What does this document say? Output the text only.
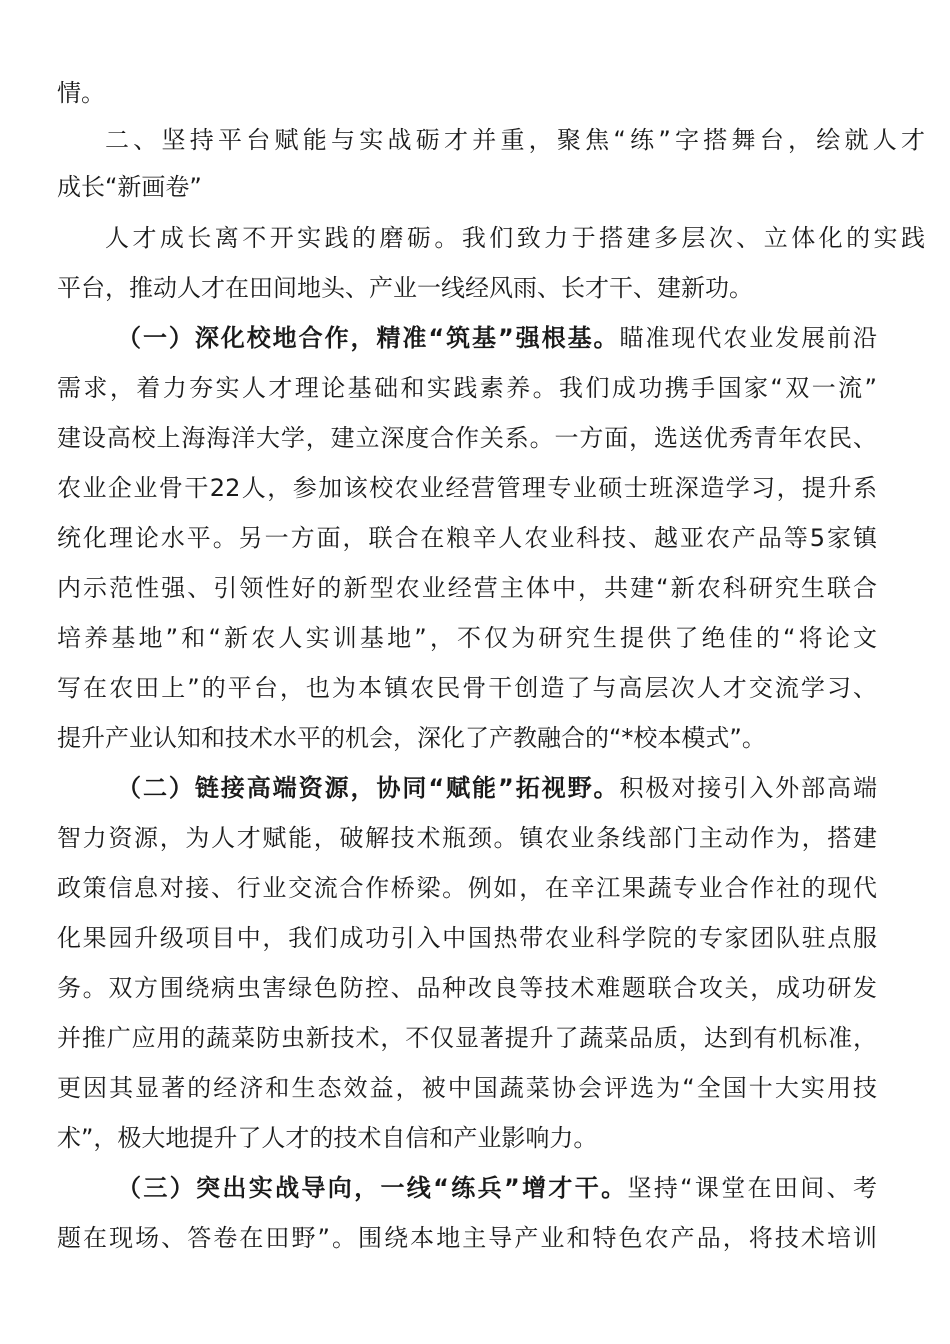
情。
二、坚持平台赋能与实战砺才并重，聚焦“练”字搭舞台，绘就人才
成长“新画卷”
人才成长离不开实践的磨砺。我们致力于搭建多层次、立体化的实践
平台，推动人才在田间地头、产业一线经风雨、长才干、建新功。
（一）深化校地合作，精准“筑基”强根基。瞄准现代农业发展前沿
需求，着力夯实人才理论基础和实践素养。我们成功携手国家“双一流”
建设高校上海海洋大学，建立深度合作关系。一方面，选送优秀青年农民、
农业企业骨干22人，参加该校农业经营管理专业硕士班深造学习，提升系
统化理论水平。另一方面，联合在粮辛人农业科技、越亚农产品等5家镇
内示范性强、引领性好的新型农业经营主体中，共建“新农科研究生联合
培养基地”和“新农人实训基地”，不仅为研究生提供了绝佳的“将论文
写在农田上”的平台，也为本镇农民骨干创造了与高层次人才交流学习、
提升产业认知和技术水平的机会，深化了产教融合的“*校本模式”。
（二）链接高端资源，协同“赋能”拓视野。积极对接引入外部高端
智力资源，为人才赋能，破解技术瓶颈。镇农业条线部门主动作为，搭建
政策信息对接、行业交流合作桥梁。例如，在辛江果蔬专业合作社的现代
化果园升级项目中，我们成功引入中国热带农业科学院的专家团队驻点服
务。双方围绕病虫害绿色防控、品种改良等技术难题联合攻关，成功研发
并推广应用的蔬菜防虫新技术，不仅显著提升了蔬菜品质，达到有机标准，
更因其显著的经济和生态效益，被中国蔬菜协会评选为“全国十大实用技
术”，极大地提升了人才的技术自信和产业影响力。
（三）突出实战导向，一线“练兵”增才干。坚持“课堂在田间、考
题在现场、答卷在田野”。围绕本地主导产业和特色农产品，将技术培训
